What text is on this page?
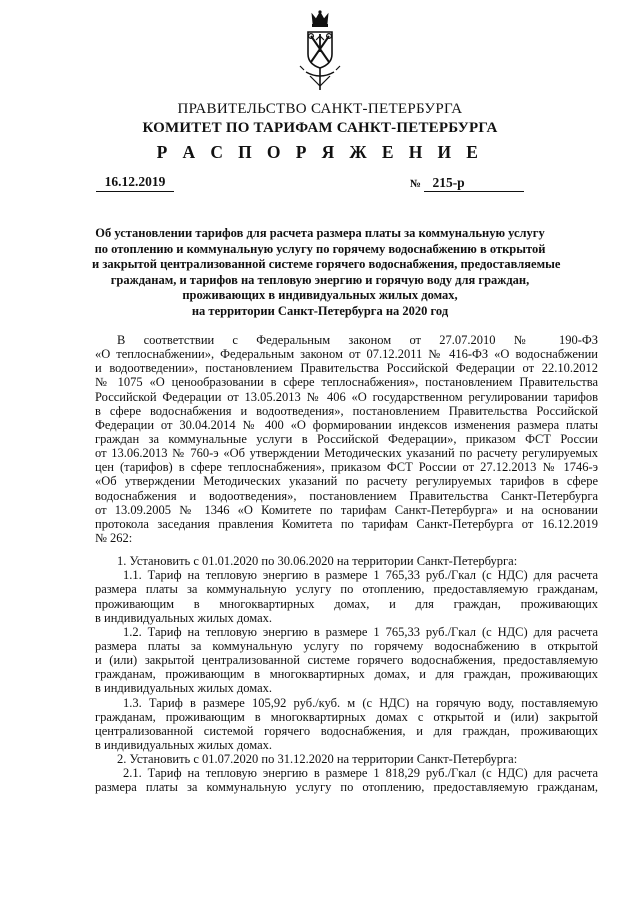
ПРАВИТЕЛЬСТВО САНКТ-ПЕТЕРБУРГА
КОМИТЕТ ПО ТАРИФАМ САНКТ-ПЕТЕРБУРГА
Р А С П О Р Я Ж Е Н И Е
16.12.2019	№ 215-р
Об установлении тарифов для расчета размера платы за коммунальную услугу
по отоплению и коммунальную услугу по горячему водоснабжению в открытой
и закрытой централизованной системе горячего водоснабжения, предоставляемые
гражданам, и тарифов на тепловую энергию и горячую воду для граждан,
проживающих в индивидуальных жилых домах,
на территории Санкт-Петербурга на 2020 год
В соответствии с Федеральным законом от 27.07.2010 № 190-ФЗ
«О теплоснабжении», Федеральным законом от 07.12.2011 № 416-ФЗ «О водоснабжении
и водоотведении», постановлением Правительства Российской Федерации от 22.10.2012
№ 1075 «О ценообразовании в сфере теплоснабжения», постановлением Правительства
Российской Федерации от 13.05.2013 № 406 «О государственном регулировании тарифов
в сфере водоснабжения и водоотведения», постановлением Правительства Российской
Федерации от 30.04.2014 № 400 «О формировании индексов изменения размера платы
граждан за коммунальные услуги в Российской Федерации», приказом ФСТ России
от 13.06.2013 № 760-э «Об утверждении Методических указаний по расчету регулируемых
цен (тарифов) в сфере теплоснабжения», приказом ФСТ России от 27.12.2013 № 1746-э
«Об утверждении Методических указаний по расчету регулируемых тарифов в сфере
водоснабжения и водоотведения», постановлением Правительства Санкт-Петербурга
от 13.09.2005 № 1346 «О Комитете по тарифам Санкт-Петербурга» и на основании
протокола заседания правления Комитета по тарифам Санкт-Петербурга от 16.12.2019
№ 262:
1. Установить с 01.01.2020 по 30.06.2020 на территории Санкт-Петербурга:
1.1. Тариф на тепловую энергию в размере 1 765,33 руб./Гкал (с НДС) для расчета
размера платы за коммунальную услугу по отоплению, предоставляемую гражданам,
проживающим в многоквартирных домах, и для граждан, проживающих
в индивидуальных жилых домах.
1.2. Тариф на тепловую энергию в размере 1 765,33 руб./Гкал (с НДС) для расчета
размера платы за коммунальную услугу по горячему водоснабжению в открытой
и (или) закрытой централизованной системе горячего водоснабжения, предоставляемую
гражданам, проживающим в многоквартирных домах, и для граждан, проживающих
в индивидуальных жилых домах.
1.3. Тариф в размере 105,92 руб./куб. м (с НДС) на горячую воду, поставляемую
гражданам, проживающим в многоквартирных домах с открытой и (или) закрытой
централизованной системой горячего водоснабжения, и для граждан, проживающих
в индивидуальных жилых домах.
2. Установить с 01.07.2020 по 31.12.2020 на территории Санкт-Петербурга:
2.1. Тариф на тепловую энергию в размере 1 818,29 руб./Гкал (с НДС) для расчета
размера платы за коммунальную услугу по отоплению, предоставляемую гражданам,
